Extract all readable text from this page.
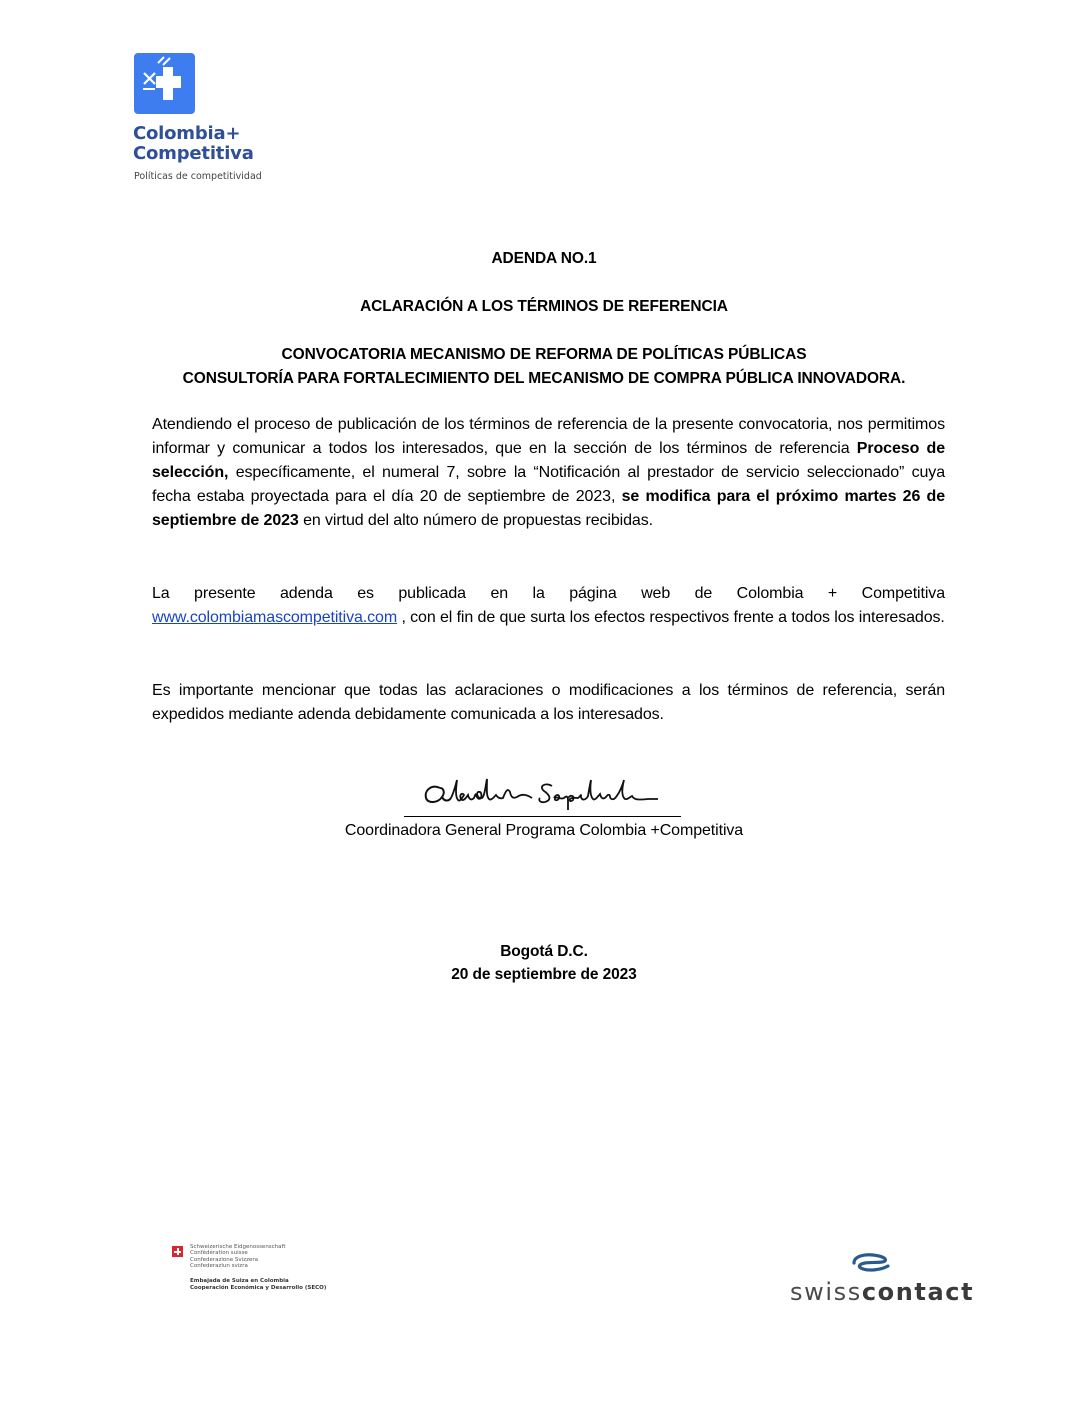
Colombia+
Competitiva
Políticas de competitividad
ADENDA NO.1
ACLARACIÓN A LOS TÉRMINOS DE REFERENCIA
CONVOCATORIA MECANISMO DE REFORMA DE POLÍTICAS PÚBLICAS
CONSULTORÍA PARA FORTALECIMIENTO DEL MECANISMO DE COMPRA PÚBLICA INNOVADORA.
Atendiendo el proceso de publicación de los términos de referencia de la presente convocatoria, nos permitimos informar y comunicar a todos los interesados, que en la sección de los términos de referencia Proceso de selección, específicamente, el numeral 7, sobre la “Notificación al prestador de servicio seleccionado” cuya fecha estaba proyectada para el día 20 de septiembre de 2023, se modifica para el próximo martes 26 de septiembre de 2023 en virtud del alto número de propuestas recibidas.
La presente adenda es publicada en la página web de Colombia + Competitiva www.colombiamascompetitiva.com , con el fin de que surta los efectos respectivos frente a todos los interesados.
Es importante mencionar que todas las aclaraciones o modificaciones a los términos de referencia, serán expedidos mediante adenda debidamente comunicada a los interesados.
Coordinadora General Programa Colombia +Competitiva
Bogotá D.C.
20 de septiembre de 2023
Schweizerische Eidgenossenschaft
Confédération suisse
Confederazione Svizzera
Confederaziun svizra
Embajada de Suiza en Colombia
Cooperación Económica y Desarrollo (SECO)	swisscontact
